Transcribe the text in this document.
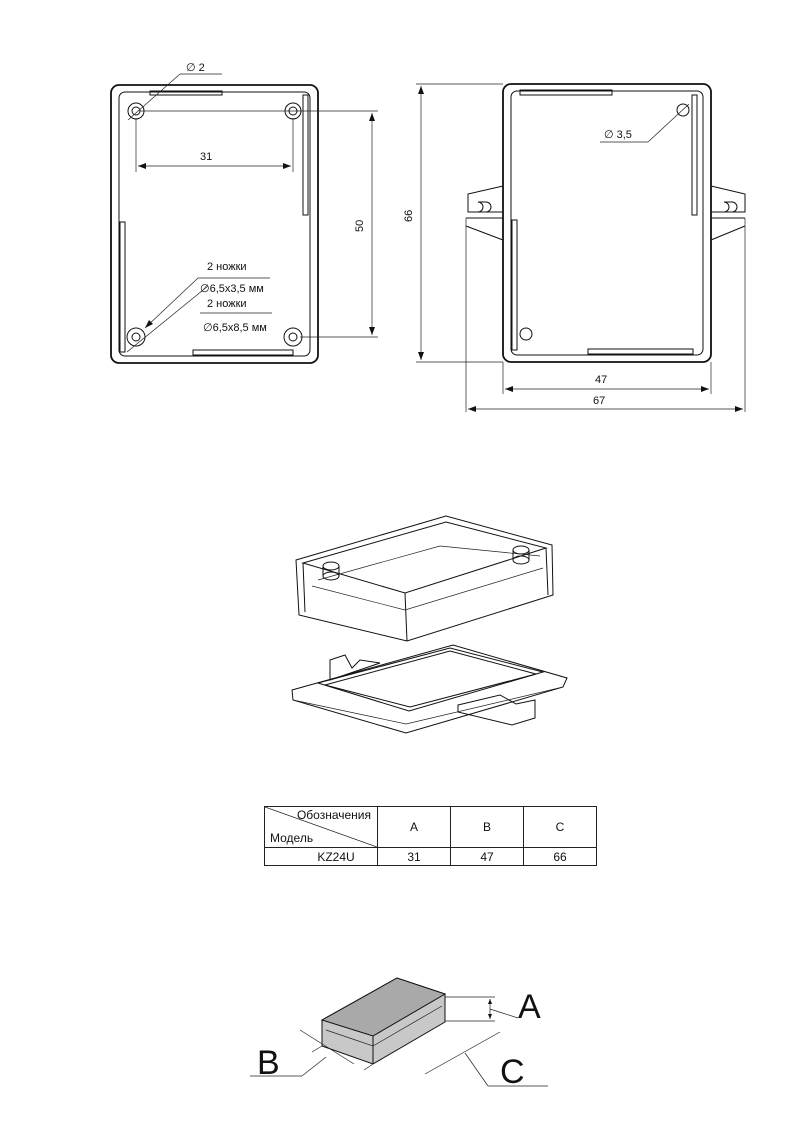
∅ 2
31
50
2 ножки
∅6,5x3,5 мм
2 ножки
∅6,5x8,5 мм
∅ 3,5
66
47
67
A
B	C
Обозначения
Модель	A	B	C
KZ24U	31	47	66
